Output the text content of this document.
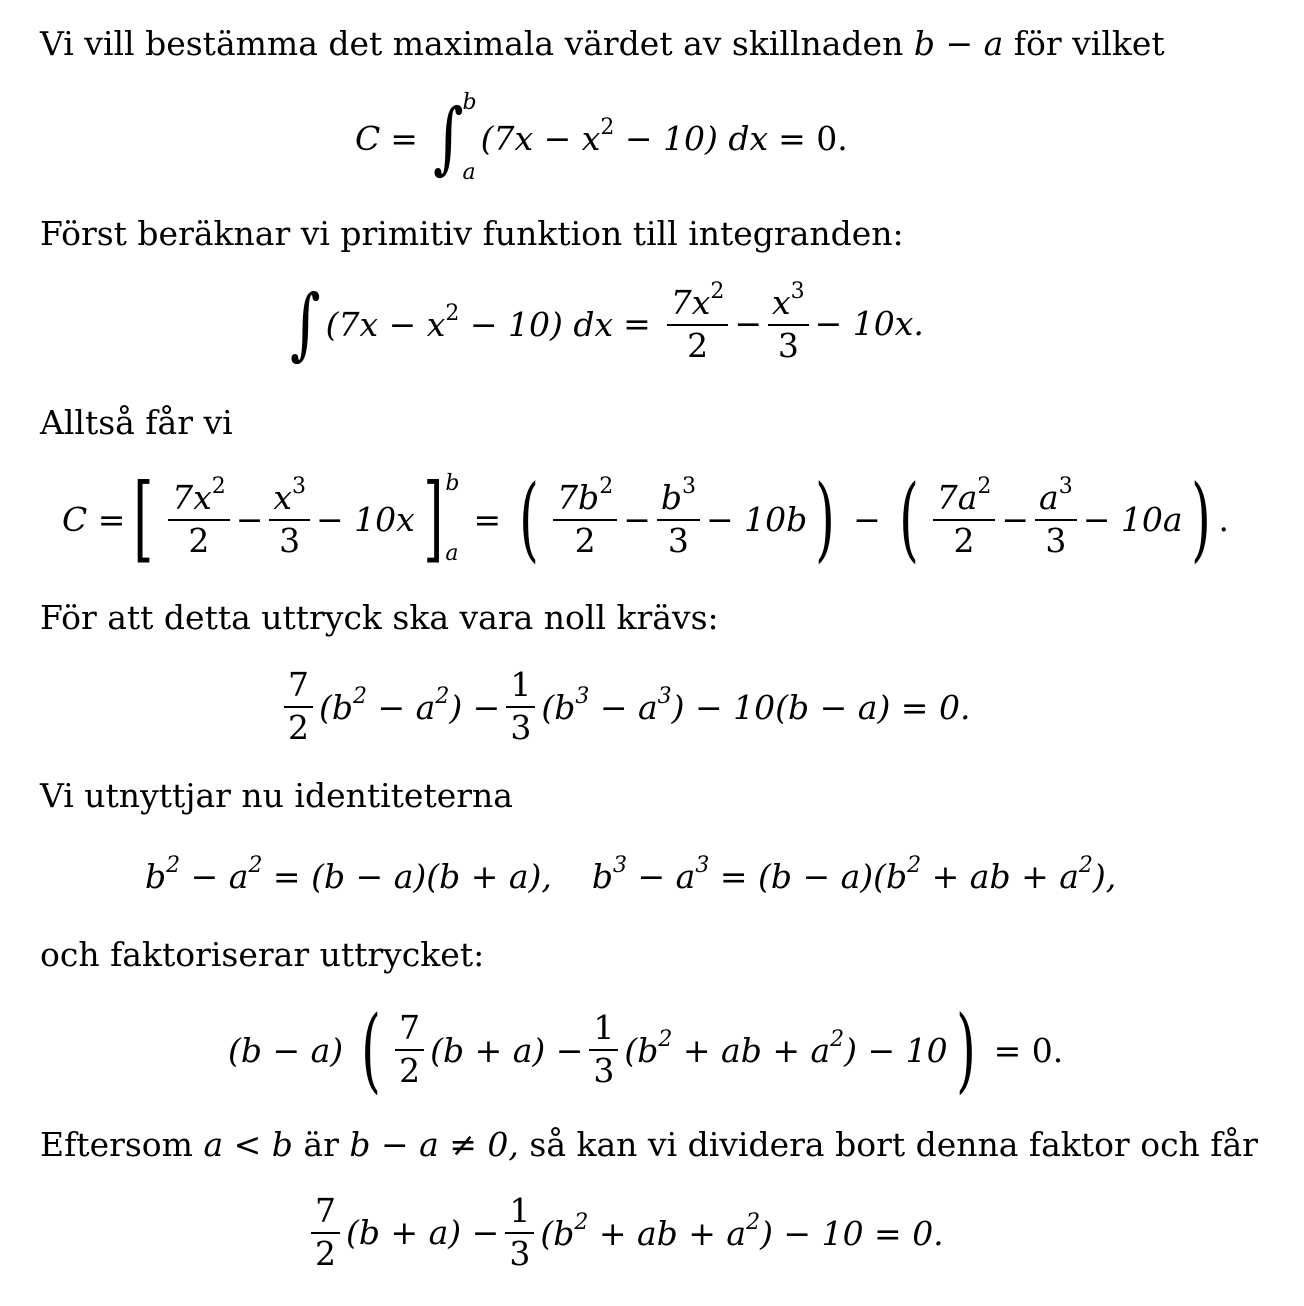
Vi vill bestämma det maximala värdet av skillnaden b − a för vilket
C = ∫ b
a
$(7x - x^2 - 10)$ dx = 0.
Först beräknar vi primitiv funktion till integranden:
∫ $(7x - x^2 - 10)$ dx = $\frac{7x^2}{2} - \frac{x^3}{3} - 10x$.
Alltså får vi
C = [ $\frac{7x^2}{2} - \frac{x^3}{3} - 10x$ ] b
a
= ( $\frac{7b^2}{2} - \frac{b^3}{3} - 10b$ ) − ( $\frac{7a^2}{2} - \frac{a^3}{3} - 10a$ ) .
För att detta uttryck ska vara noll krävs:
$\frac{7}{2} (b^2 - a^2) - \frac{1}{3} (b^3 - a^3) - 10(b - a) = 0$.
Vi utnyttjar nu identiteterna
$b^2 - a^2 = (b - a)(b + a)$, $b^3 - a^3 = (b - a)(b^2$ + ab + $a^2$),
och faktoriserar uttrycket:
(b − a) ( $\frac{7}{2} (b + a) - \frac{1}{3} (b^2$ + ab + $a^2) - 10$ ) = 0.
Eftersom a < b är b − a ≠ 0, så kan vi dividera bort denna faktor och får
$\frac{7}{2} (b + a) - \frac{1}{3} (b^2$ + ab + $a^2) - 10 = 0$.
